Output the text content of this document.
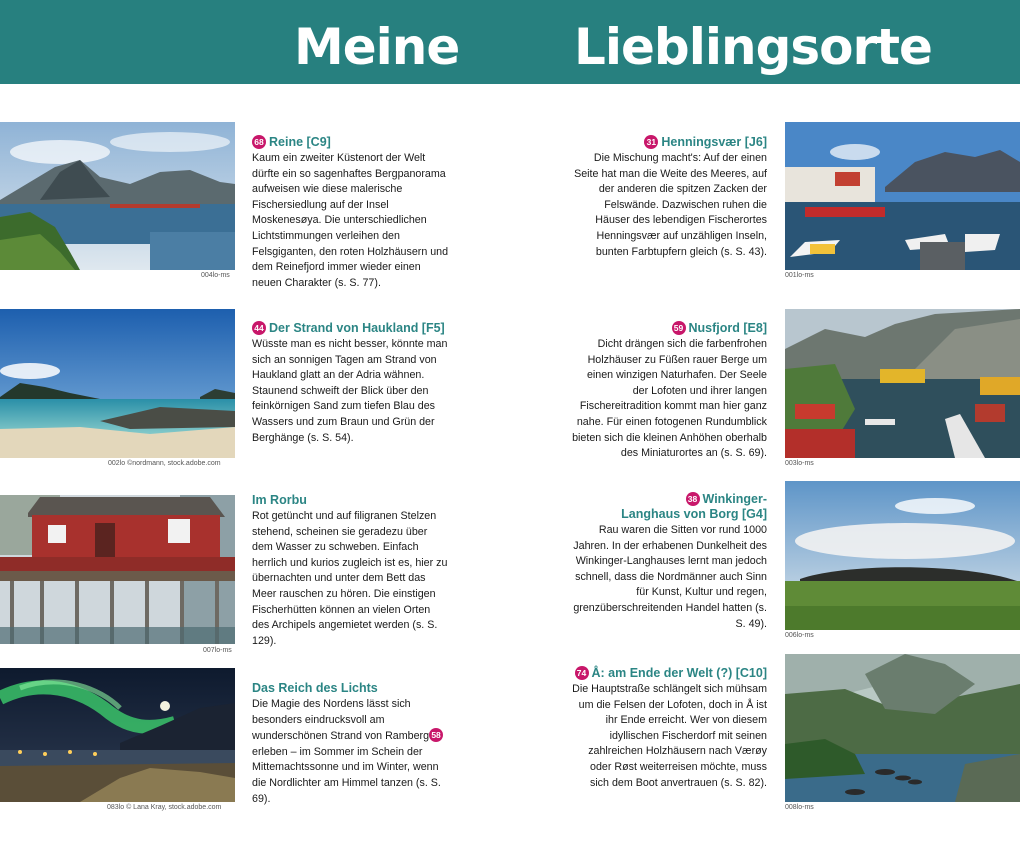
Meine Lieblingsorte
004lo-ms
68 Reine [C9]
Kaum ein zweiter Küstenort der Welt dürfte ein so sagenhaftes Bergpanorama aufweisen wie diese malerische Fischersiedlung auf der Insel Moskenesøya. Die unterschiedlichen Lichtstimmungen verleihen den Felsgiganten, den roten Holzhäusern und dem Reinefjord immer wieder einen neuen Charakter (s. S. 77).
002lo ©nordmann, stock.adobe.com
44 Der Strand von Haukland [F5]
Wüsste man es nicht besser, könnte man sich an sonnigen Tagen am Strand von Haukland glatt an der Adria wähnen. Staunend schweift der Blick über den feinkörnigen Sand zum tiefen Blau des Wassers und zum Braun und Grün der Berghänge (s. S. 54).
007lo-ms
Im Rorbu
Rot getüncht und auf filigranen Stelzen stehend, scheinen sie geradezu über dem Wasser zu schweben. Einfach herrlich und kurios zugleich ist es, hier zu übernachten und unter dem Bett das Meer rauschen zu hören. Die einstigen Fischerhütten können an vielen Orten des Archipels angemietet werden (s. S. 129).
083lo © Lana Kray, stock.adobe.com
Das Reich des Lichts
Die Magie des Nordens lässt sich besonders eindrucksvoll am wunderschönen Strand von Ramberg 58 erleben – im Sommer im Schein der Mittemachtssonne und im Winter, wenn die Nordlichter am Himmel tanzen (s. S. 69).
31 Henningsvær [J6]
Die Mischung macht's: Auf der einen Seite hat man die Weite des Meeres, auf der anderen die spitzen Zacken der Felswände. Dazwischen ruhen die Häuser des lebendigen Fischerortes Henningsvær auf unzähligen Inseln, bunten Farbtupfern gleich (s. S. 43).
001lo-ms
59 Nusfjord [E8]
Dicht drängen sich die farbenfrohen Holzhäuser zu Füßen rauer Berge um einen winzigen Naturhafen. Der Seele der Lofoten und ihrer langen Fischereitradition kommt man hier ganz nahe. Für einen fotogenen Rundumblick bieten sich die kleinen Anhöhen oberhalb des Miniaturortes an (s. S. 69).
003lo-ms
38 Winkinger-
Langhaus von Borg [G4]
Rau waren die Sitten vor rund 1000 Jahren. In der erhabenen Dunkelheit des Winkinger-Langhauses lernt man jedoch schnell, dass die Nordmänner auch Sinn für Kunst, Kultur und regen, grenzüberschreitenden Handel hatten (s. S. 49).
006lo-ms
74 Å: am Ende der Welt (?) [C10]
Die Hauptstraße schlängelt sich mühsam um die Felsen der Lofoten, doch in Å ist ihr Ende erreicht. Wer von diesem idyllischen Fischerdorf mit seinen zahlreichen Holzhäusern nach Værøy oder Røst weiterreisen möchte, muss sich dem Boot anvertrauen (s. S. 82).
008lo-ms
